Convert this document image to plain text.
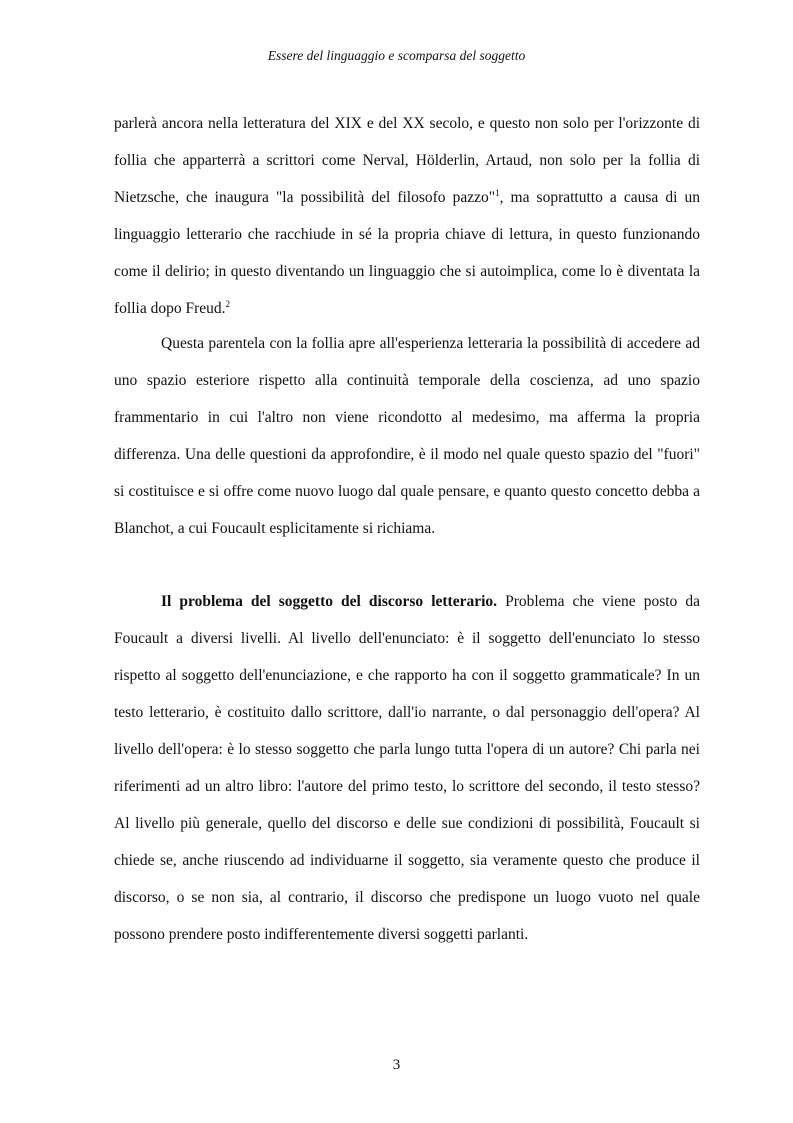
Essere del linguaggio e scomparsa del soggetto

parlerà ancora nella letteratura del XIX e del XX secolo, e questo non solo per l'orizzonte di follia che apparterrà a scrittori come Nerval, Hölderlin, Artaud, non solo per la follia di Nietzsche, che inaugura "la possibilità del filosofo pazzo"$^1$, ma soprattutto a causa di un linguaggio letterario che racchiude in sé la propria chiave di lettura, in questo funzionando come il delirio; in questo diventando un linguaggio che si autoimplica, come lo è diventata la follia dopo Freud.$^2$

Questa parentela con la follia apre all'esperienza letteraria la possibilità di accedere ad uno spazio esteriore rispetto alla continuità temporale della coscienza, ad uno spazio frammentario in cui l'altro non viene ricondotto al medesimo, ma afferma la propria differenza. Una delle questioni da approfondire, è il modo nel quale questo spazio del "fuori" si costituisce e si offre come nuovo luogo dal quale pensare, e quanto questo concetto debba a Blanchot, a cui Foucault esplicitamente si richiama.

Il problema del soggetto del discorso letterario. Problema che viene posto da Foucault a diversi livelli. Al livello dell'enunciato: è il soggetto dell'enunciato lo stesso rispetto al soggetto dell'enunciazione, e che rapporto ha con il soggetto grammaticale? In un testo letterario, è costituito dallo scrittore, dall'io narrante, o dal personaggio dell'opera? Al livello dell'opera: è lo stesso soggetto che parla lungo tutta l'opera di un autore? Chi parla nei riferimenti ad un altro libro: l'autore del primo testo, lo scrittore del secondo, il testo stesso? Al livello più generale, quello del discorso e delle sue condizioni di possibilità, Foucault si chiede se, anche riuscendo ad individuarne il soggetto, sia veramente questo che produce il discorso, o se non sia, al contrario, il discorso che predispone un luogo vuoto nel quale possono prendere posto indifferentemente diversi soggetti parlanti.

3
